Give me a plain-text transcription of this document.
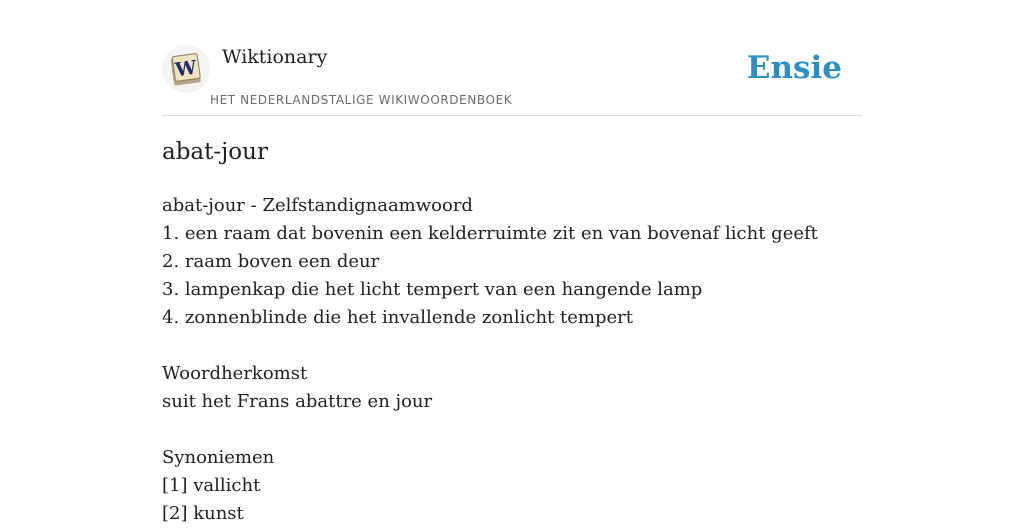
W Wiktionary
HET NEDERLANDSTALIGE WIKIWOORDENBOEK
Ensie
abat-jour
abat-jour - Zelfstandignaamwoord
1. een raam dat bovenin een kelderruimte zit en van bovenaf licht geeft
2. raam boven een deur
3. lampenkap die het licht tempert van een hangende lamp
4. zonnenblinde die het invallende zonlicht tempert
Woordherkomst
suit het Frans abattre en jour
Synoniemen
[1] vallicht
[2] kunst
